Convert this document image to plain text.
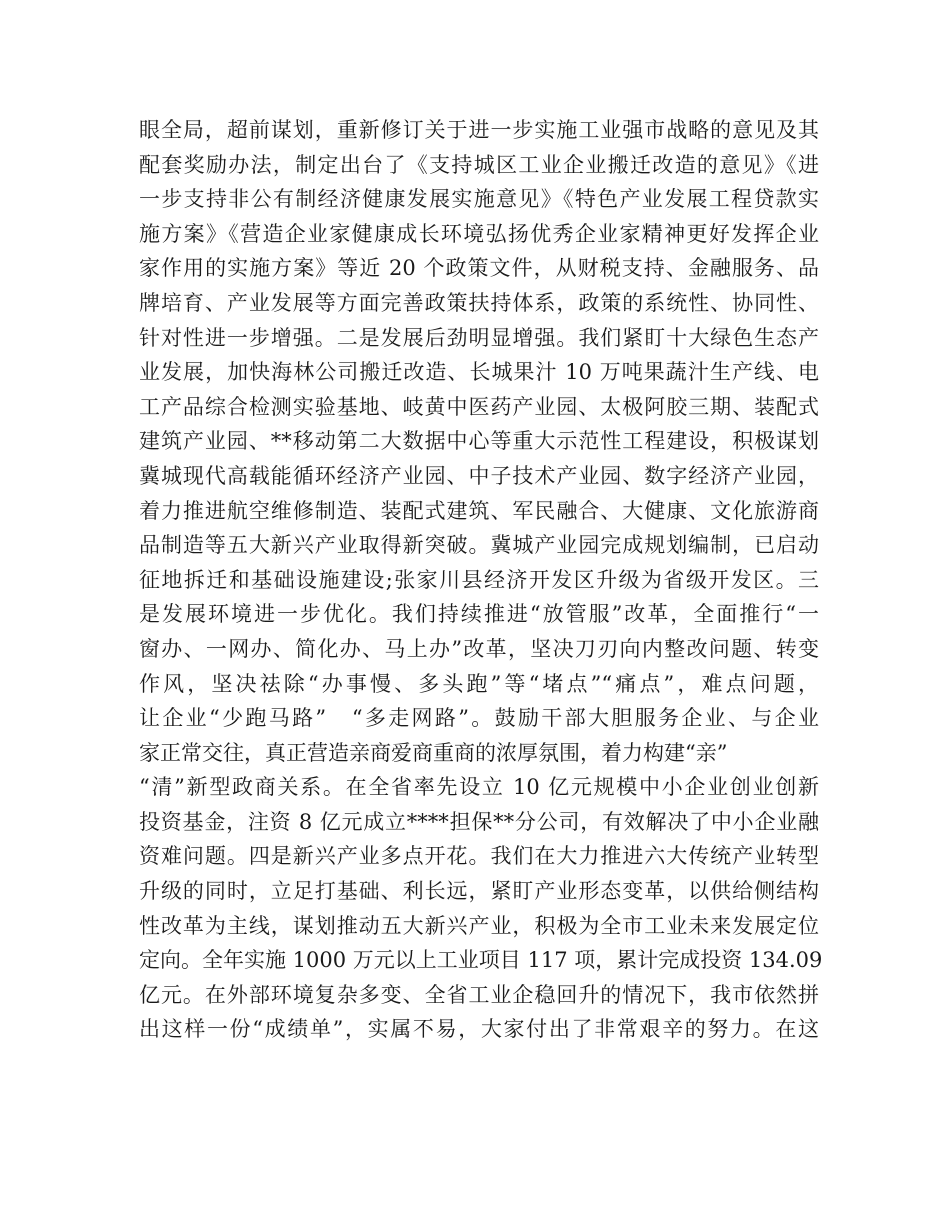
眼全局，超前谋划，重新修订关于进一步实施工业强市战略的意见及其
配套奖励办法，制定出台了《支持城区工业企业搬迁改造的意见》《进
一步支持非公有制经济健康发展实施意见》《特色产业发展工程贷款实
施方案》《营造企业家健康成长环境弘扬优秀企业家精神更好发挥企业
家作用的实施方案》等近 20 个政策文件，从财税支持、金融服务、品
牌培育、产业发展等方面完善政策扶持体系，政策的系统性、协同性、
针对性进一步增强。二是发展后劲明显增强。我们紧盯十大绿色生态产
业发展，加快海林公司搬迁改造、长城果汁 10 万吨果蔬汁生产线、电
工产品综合检测实验基地、岐黄中医药产业园、太极阿胶三期、装配式
建筑产业园、**移动第二大数据中心等重大示范性工程建设，积极谋划
冀城现代高载能循环经济产业园、中子技术产业园、数字经济产业园，
着力推进航空维修制造、装配式建筑、军民融合、大健康、文化旅游商
品制造等五大新兴产业取得新突破。冀城产业园完成规划编制，已启动
征地拆迁和基础设施建设;张家川县经济开发区升级为省级开发区。三
是发展环境进一步优化。我们持续推进“放管服”改革，全面推行“一
窗办、一网办、简化办、马上办”改革，坚决刀刃向内整改问题、转变
作风，坚决祛除“办事慢、多头跑”等“堵点”“痛点”，难点问题，
让企业“少跑马路”　“多走网路”。鼓励干部大胆服务企业、与企业
家正常交往，真正营造亲商爱商重商的浓厚氛围，着力构建“亲”
“清”新型政商关系。在全省率先设立 10 亿元规模中小企业创业创新
投资基金，注资 8 亿元成立****担保**分公司，有效解决了中小企业融
资难问题。四是新兴产业多点开花。我们在大力推进六大传统产业转型
升级的同时，立足打基础、利长远，紧盯产业形态变革，以供给侧结构
性改革为主线，谋划推动五大新兴产业，积极为全市工业未来发展定位
定向。全年实施 1000 万元以上工业项目 117 项，累计完成投资 134.09
亿元。在外部环境复杂多变、全省工业企稳回升的情况下，我市依然拼
出这样一份“成绩单”，实属不易，大家付出了非常艰辛的努力。在这
